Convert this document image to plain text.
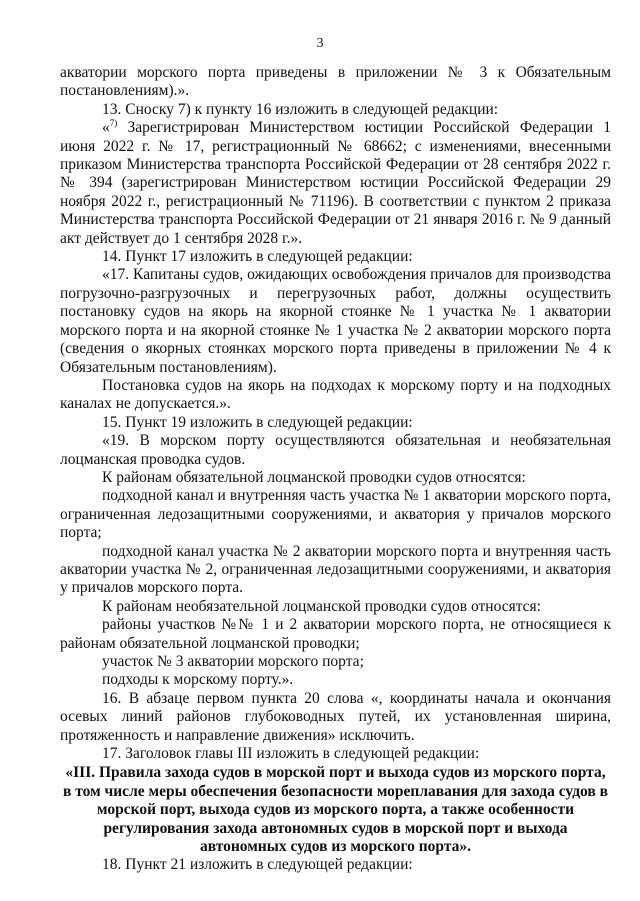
3

акватории морского порта приведены в приложении № 3 к Обязательным постановлениям).».

13. Сноску 7) к пункту 16 изложить в следующей редакции:

«$^{7)}$ Зарегистрирован Министерством юстиции Российской Федерации 1 июня 2022 г. № 17, регистрационный № 68662; с изменениями, внесенными приказом Министерства транспорта Российской Федерации от 28 сентября 2022 г. № 394 (зарегистрирован Министерством юстиции Российской Федерации 29 ноября 2022 г., регистрационный № 71196). В соответствии с пунктом 2 приказа Министерства транспорта Российской Федерации от 21 января 2016 г. № 9 данный акт действует до 1 сентября 2028 г.».

14. Пункт 17 изложить в следующей редакции:

«17. Капитаны судов, ожидающих освобождения причалов для производства погрузочно-разгрузочных и перегрузочных работ, должны осуществить постановку судов на якорь на якорной стоянке № 1 участка № 1 акватории морского порта и на якорной стоянке № 1 участка № 2 акватории морского порта (сведения о якорных стоянках морского порта приведены в приложении № 4 к Обязательным постановлениям).

Постановка судов на якорь на подходах к морскому порту и на подходных каналах не допускается.».

15. Пункт 19 изложить в следующей редакции:

«19. В морском порту осуществляются обязательная и необязательная лоцманская проводка судов.

К районам обязательной лоцманской проводки судов относятся:

подходной канал и внутренняя часть участка № 1 акватории морского порта, ограниченная ледозащитными сооружениями, и акватория у причалов морского порта;

подходной канал участка № 2 акватории морского порта и внутренняя часть акватории участка № 2, ограниченная ледозащитными сооружениями, и акватория у причалов морского порта.

К районам необязательной лоцманской проводки судов относятся:

районы участков №№ 1 и 2 акватории морского порта, не относящиеся к районам обязательной лоцманской проводки;

участок № 3 акватории морского порта;

подходы к морскому порту.».

16. В абзаце первом пункта 20 слова «, координаты начала и окончания осевых линий районов глубоководных путей, их установленная ширина, протяженность и направление движения» исключить.

17. Заголовок главы III изложить в следующей редакции:

«III. Правила захода судов в морской порт и выхода судов из морского порта, в том числе меры обеспечения безопасности мореплавания для захода судов в морской порт, выхода судов из морского порта, а также особенности регулирования захода автономных судов в морской порт и выхода автономных судов из морского порта».

18. Пункт 21 изложить в следующей редакции:
